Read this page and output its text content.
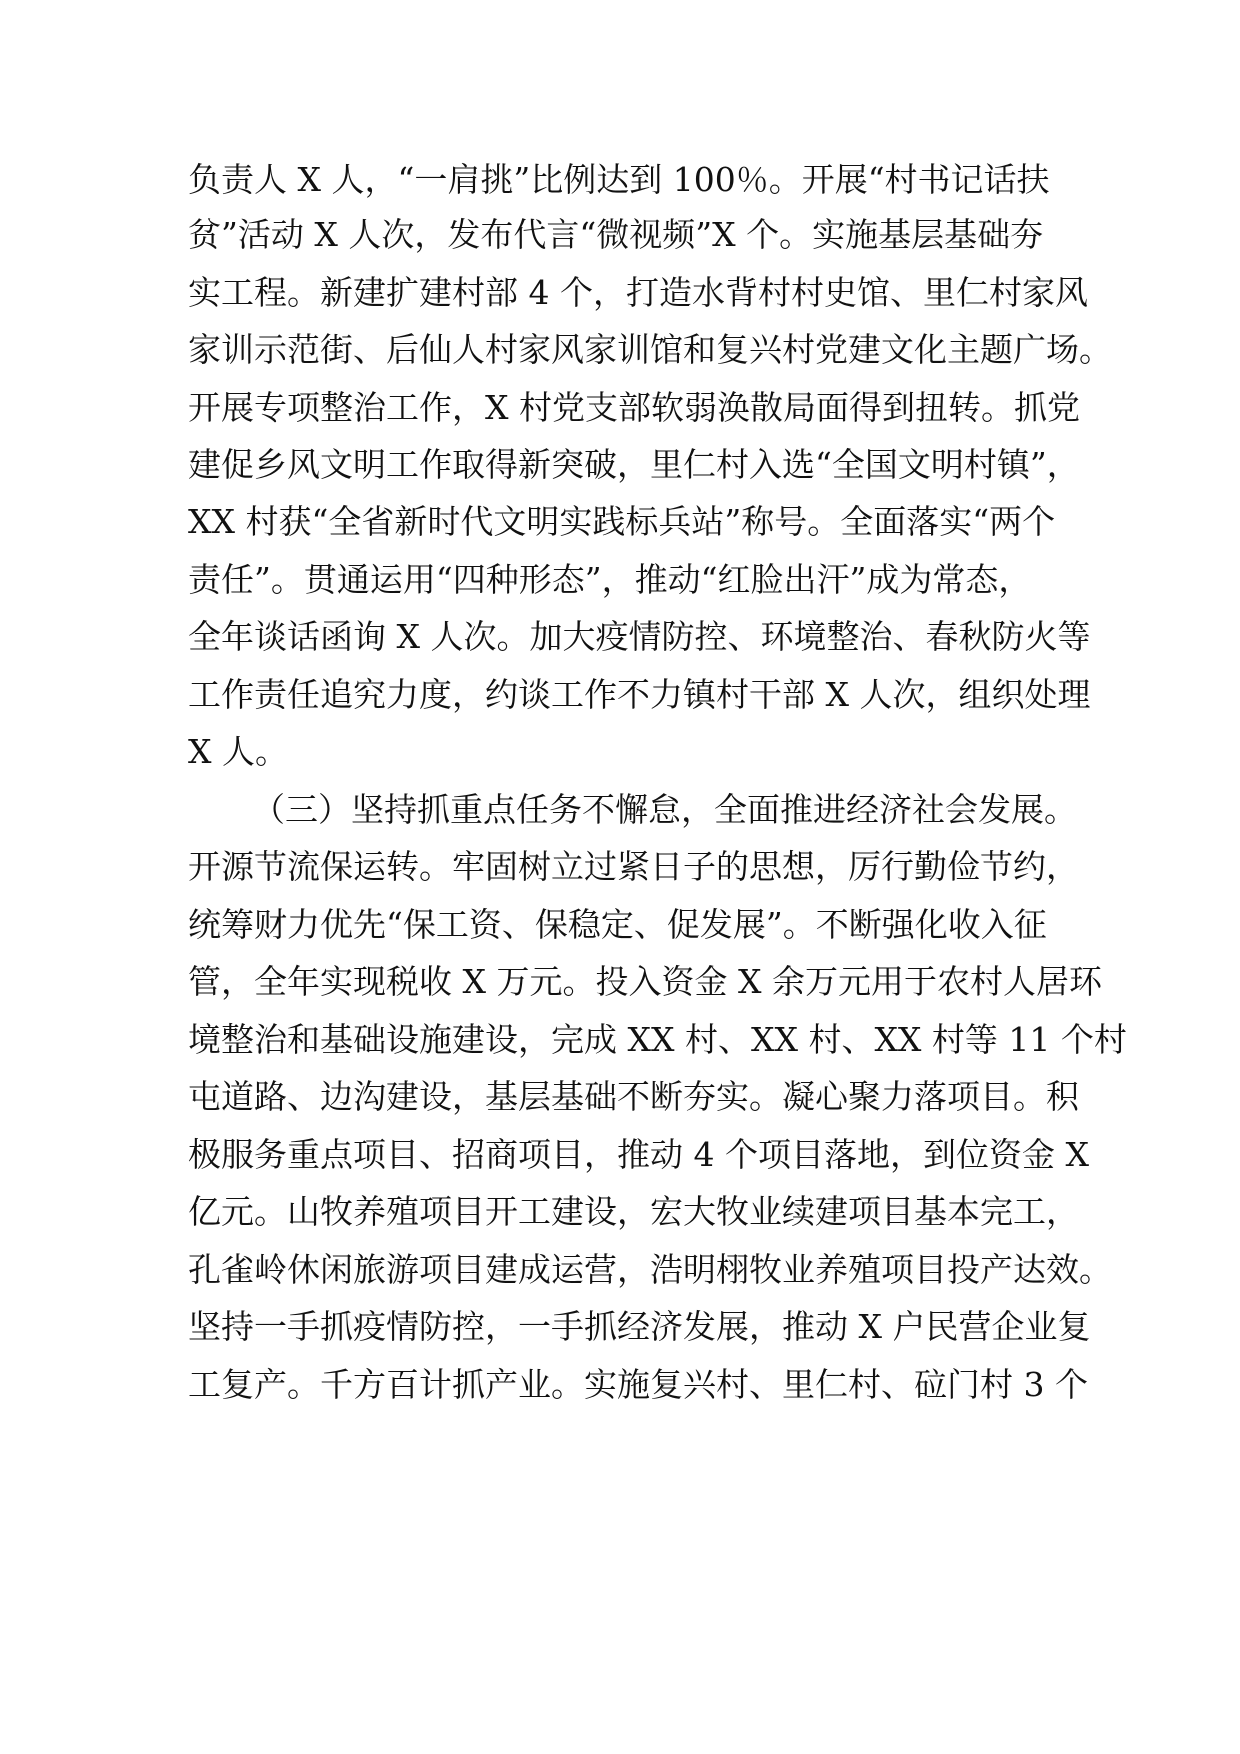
负责人 X 人，“一肩挑”比例达到 100％。开展“村书记话扶

贫”活动 X 人次，发布代言“微视频”X 个。实施基层基础夯

实工程。新建扩建村部 4 个，打造水背村村史馆、里仁村家风

家训示范街、后仙人村家风家训馆和复兴村党建文化主题广场。

开展专项整治工作，X 村党支部软弱涣散局面得到扭转。抓党

建促乡风文明工作取得新突破，里仁村入选“全国文明村镇”，

XX 村获“全省新时代文明实践标兵站”称号。全面落实“两个

责任”。贯通运用“四种形态”，推动“红脸出汗”成为常态，

全年谈话函询 X 人次。加大疫情防控、环境整治、春秋防火等

工作责任追究力度，约谈工作不力镇村干部 X 人次，组织处理

X 人。

（三）坚持抓重点任务不懈怠，全面推进经济社会发展。

开源节流保运转。牢固树立过紧日子的思想，厉行勤俭节约，

统筹财力优先“保工资、保稳定、促发展”。不断强化收入征

管，全年实现税收 X 万元。投入资金 X 余万元用于农村人居环

境整治和基础设施建设，完成 XX 村、XX 村、XX 村等 11 个村

屯道路、边沟建设，基层基础不断夯实。凝心聚力落项目。积

极服务重点项目、招商项目，推动 4 个项目落地，到位资金 X

亿元。山牧养殖项目开工建设，宏大牧业续建项目基本完工，

孔雀岭休闲旅游项目建成运营，浩明栩牧业养殖项目投产达效。

坚持一手抓疫情防控，一手抓经济发展，推动 X 户民营企业复

工复产。千方百计抓产业。实施复兴村、里仁村、砬门村 3 个
